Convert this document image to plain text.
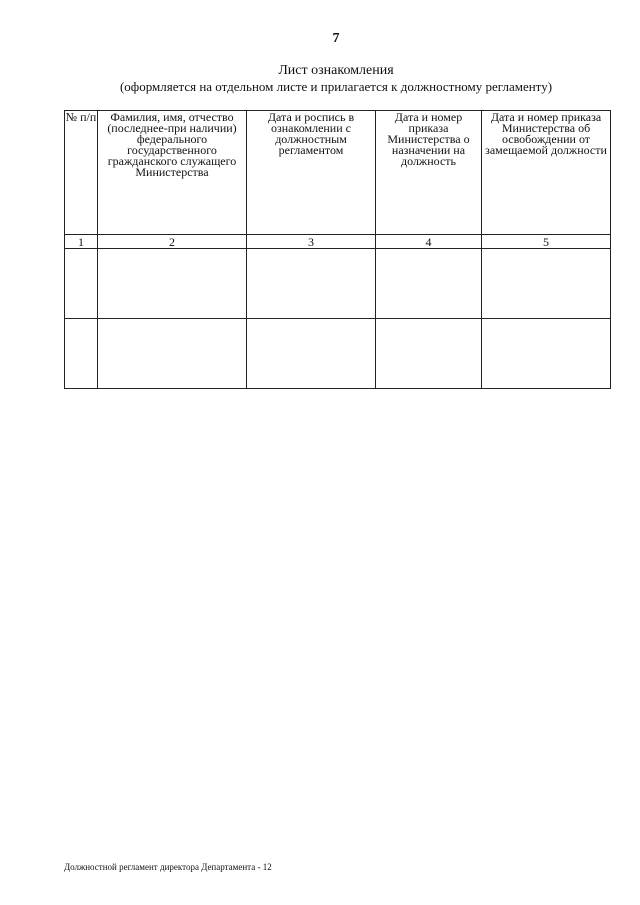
7
Лист ознакомления
(оформляется на отдельном листе и прилагается к должностному регламенту)
№ п/п	Фамилия, имя, отчество (последнее-при наличии) федерального государственного гражданского служащего Министерства	Дата и роспись в ознакомлении с должностным регламентом	Дата и номер приказа Министерства о назначении на должность	Дата и номер приказа Министерства об освобождении от замещаемой должности
1	2	3	4	5

Должностной регламент директора Департамента - 12
